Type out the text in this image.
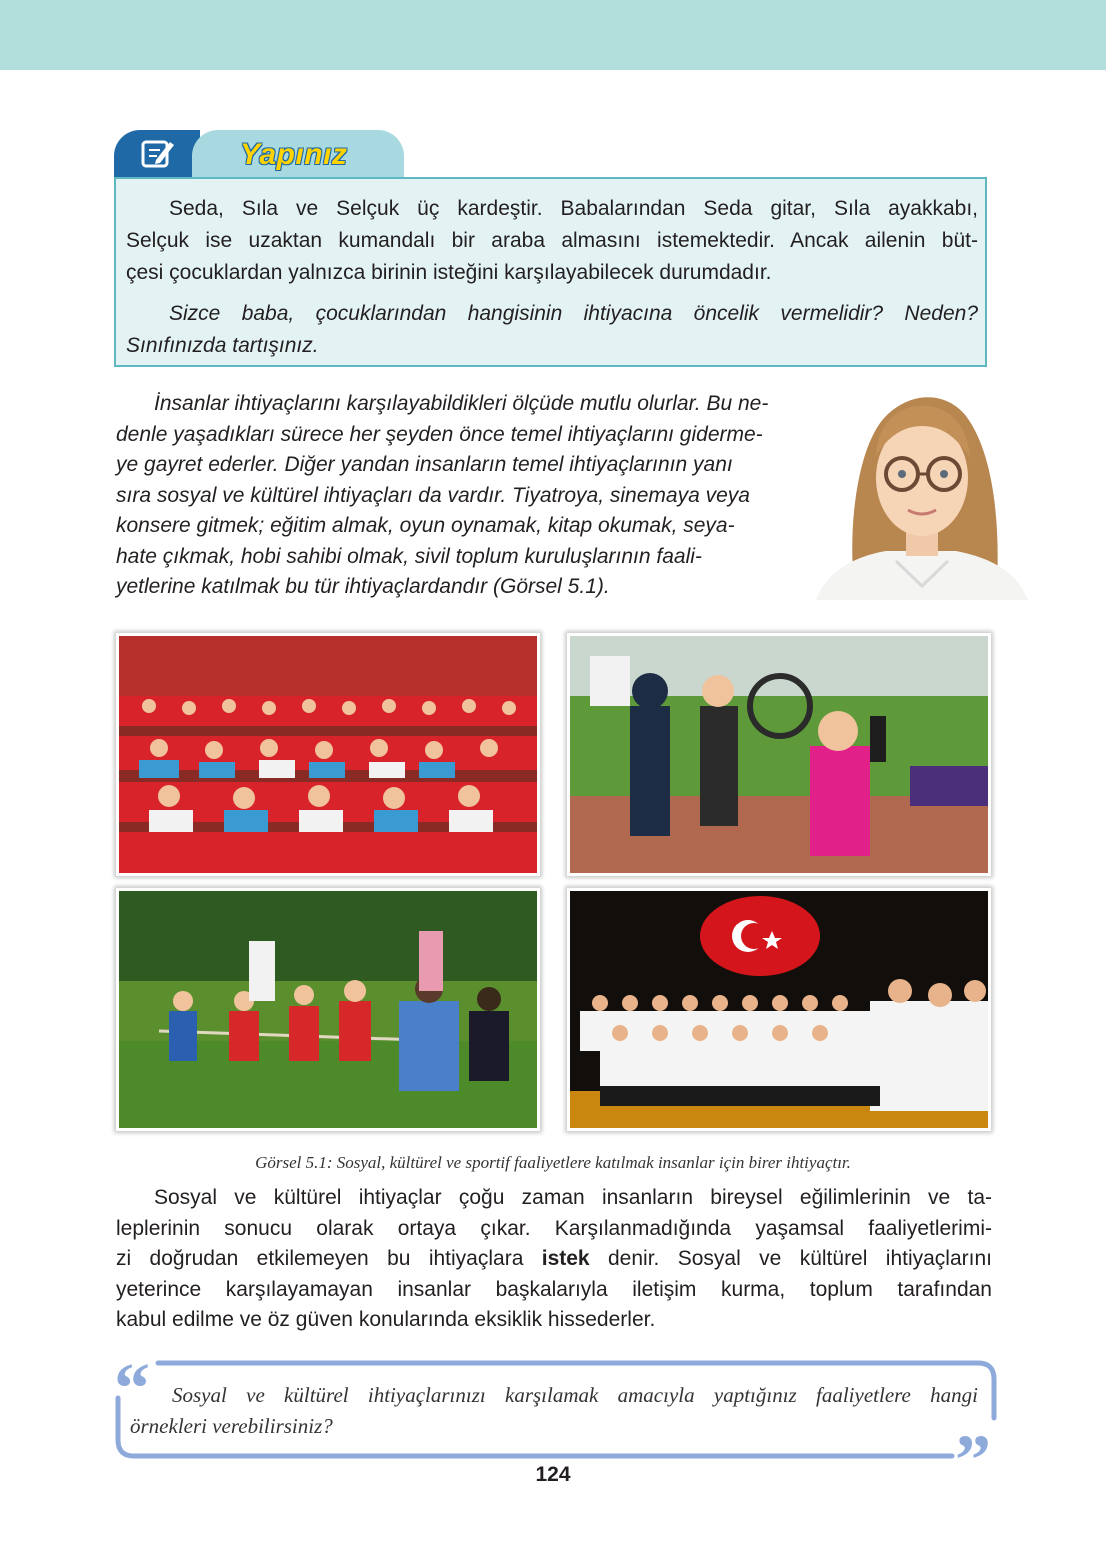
Yapınız

Seda, Sıla ve Selçuk üç kardeştir. Babalarından Seda gitar, Sıla ayakkabı,
Selçuk ise uzaktan kumandalı bir araba almasını istemektedir. Ancak ailenin büt-
çesi çocuklardan yalnızca birinin isteğini karşılayabilecek durumdadır.

Sizce baba, çocuklarından hangisinin ihtiyacına öncelik vermelidir? Neden?
Sınıfınızda tartışınız.

İnsanlar ihtiyaçlarını karşılayabildikleri ölçüde mutlu olurlar. Bu ne-
denle yaşadıkları sürece her şeyden önce temel ihtiyaçlarını giderme-
ye gayret ederler. Diğer yandan insanların temel ihtiyaçlarının yanı
sıra sosyal ve kültürel ihtiyaçları da vardır. Tiyatroya, sinemaya veya
konsere gitmek; eğitim almak, oyun oynamak, kitap okumak, seya-
hate çıkmak, hobi sahibi olmak, sivil toplum kuruluşlarının faali-
yetlerine katılmak bu tür ihtiyaçlardandır (Görsel 5.1).

Görsel 5.1: Sosyal, kültürel ve sportif faaliyetlere katılmak insanlar için birer ihtiyaçtır.

Sosyal ve kültürel ihtiyaçlar çoğu zaman insanların bireysel eğilimlerinin ve ta-
leplerinin sonucu olarak ortaya çıkar. Karşılanmadığında yaşamsal faaliyetlerimi-
zi doğrudan etkilemeyen bu ihtiyaçlara istek denir. Sosyal ve kültürel ihtiyaçlarını
yeterince karşılayamayan insanlar başkalarıyla iletişim kurma, toplum tarafından
kabul edilme ve öz güven konularında eksiklik hissederler.

“
”

Sosyal ve kültürel ihtiyaçlarınızı karşılamak amacıyla yaptığınız faaliyetlere hangi
örnekleri verebilirsiniz?

124
